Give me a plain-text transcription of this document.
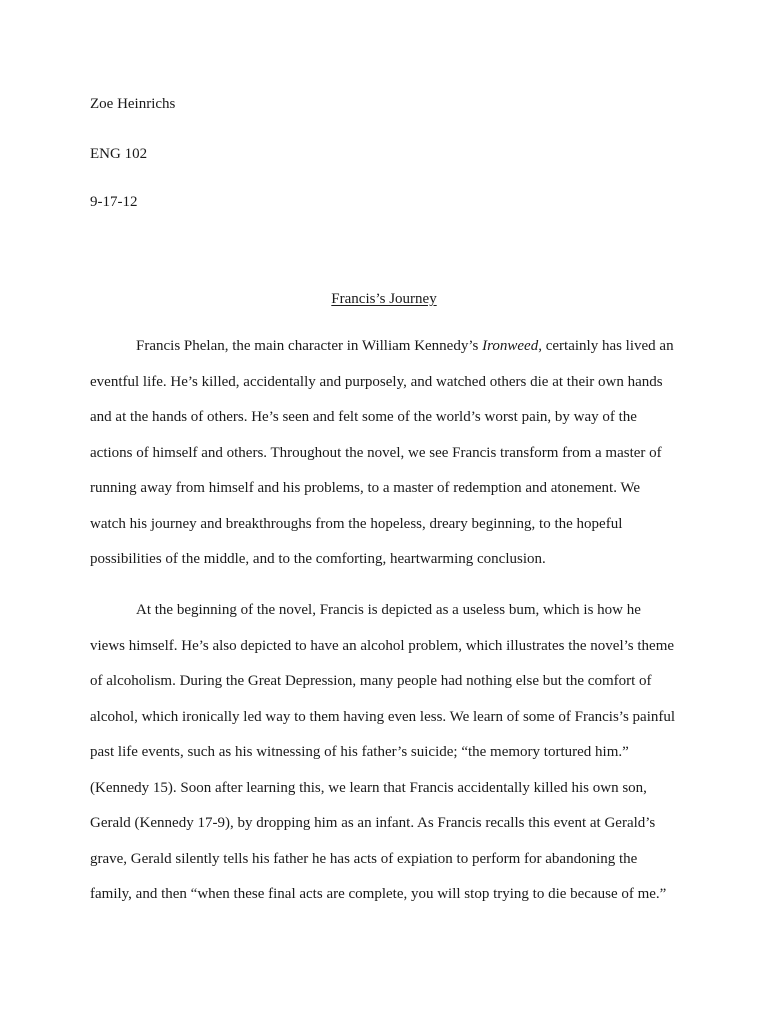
Zoe Heinrichs
ENG 102
9-17-12
Francis’s Journey
Francis Phelan, the main character in William Kennedy’s Ironweed, certainly has lived an
eventful life. He’s killed, accidentally and purposely, and watched others die at their own hands
and at the hands of others. He’s seen and felt some of the world’s worst pain, by way of the
actions of himself and others. Throughout the novel, we see Francis transform from a master of
running away from himself and his problems, to a master of redemption and atonement. We
watch his journey and breakthroughs from the hopeless, dreary beginning, to the hopeful
possibilities of the middle, and to the comforting, heartwarming conclusion.
At the beginning of the novel, Francis is depicted as a useless bum, which is how he
views himself. He’s also depicted to have an alcohol problem, which illustrates the novel’s theme
of alcoholism. During the Great Depression, many people had nothing else but the comfort of
alcohol, which ironically led way to them having even less. We learn of some of Francis’s painful
past life events, such as his witnessing of his father’s suicide; “the memory tortured him.”
(Kennedy 15). Soon after learning this, we learn that Francis accidentally killed his own son,
Gerald (Kennedy 17-9), by dropping him as an infant. As Francis recalls this event at Gerald’s
grave, Gerald silently tells his father he has acts of expiation to perform for abandoning the
family, and then “when these final acts are complete, you will stop trying to die because of me.”
